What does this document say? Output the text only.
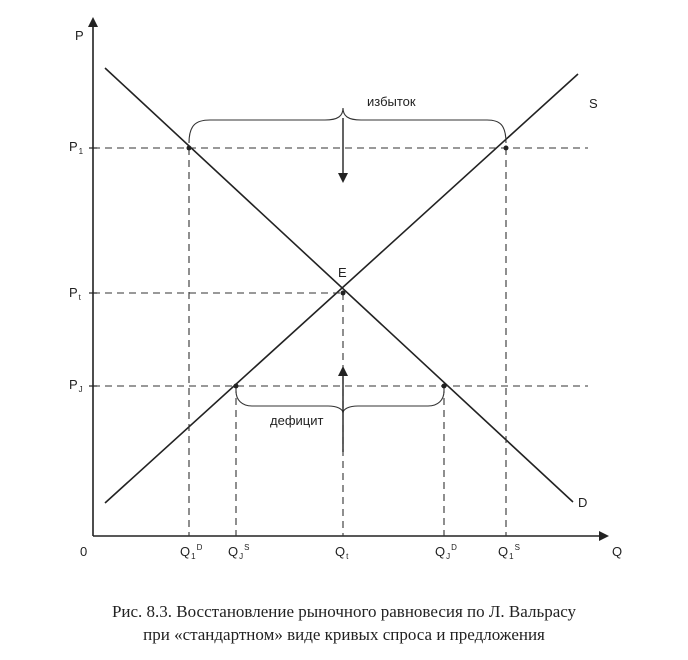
P
Q
0
S
D
E
$P_1$
$P_t$
$P_J$
$Q_1^D$ $Q_J^S$	$Q_t$	$Q_J^D$	$Q_1^S$
избыток
дефицит
Рис. 8.3. Восстановление рыночного равновесия по Л. Вальрасу
при «стандартном» виде кривых спроса и предложения
